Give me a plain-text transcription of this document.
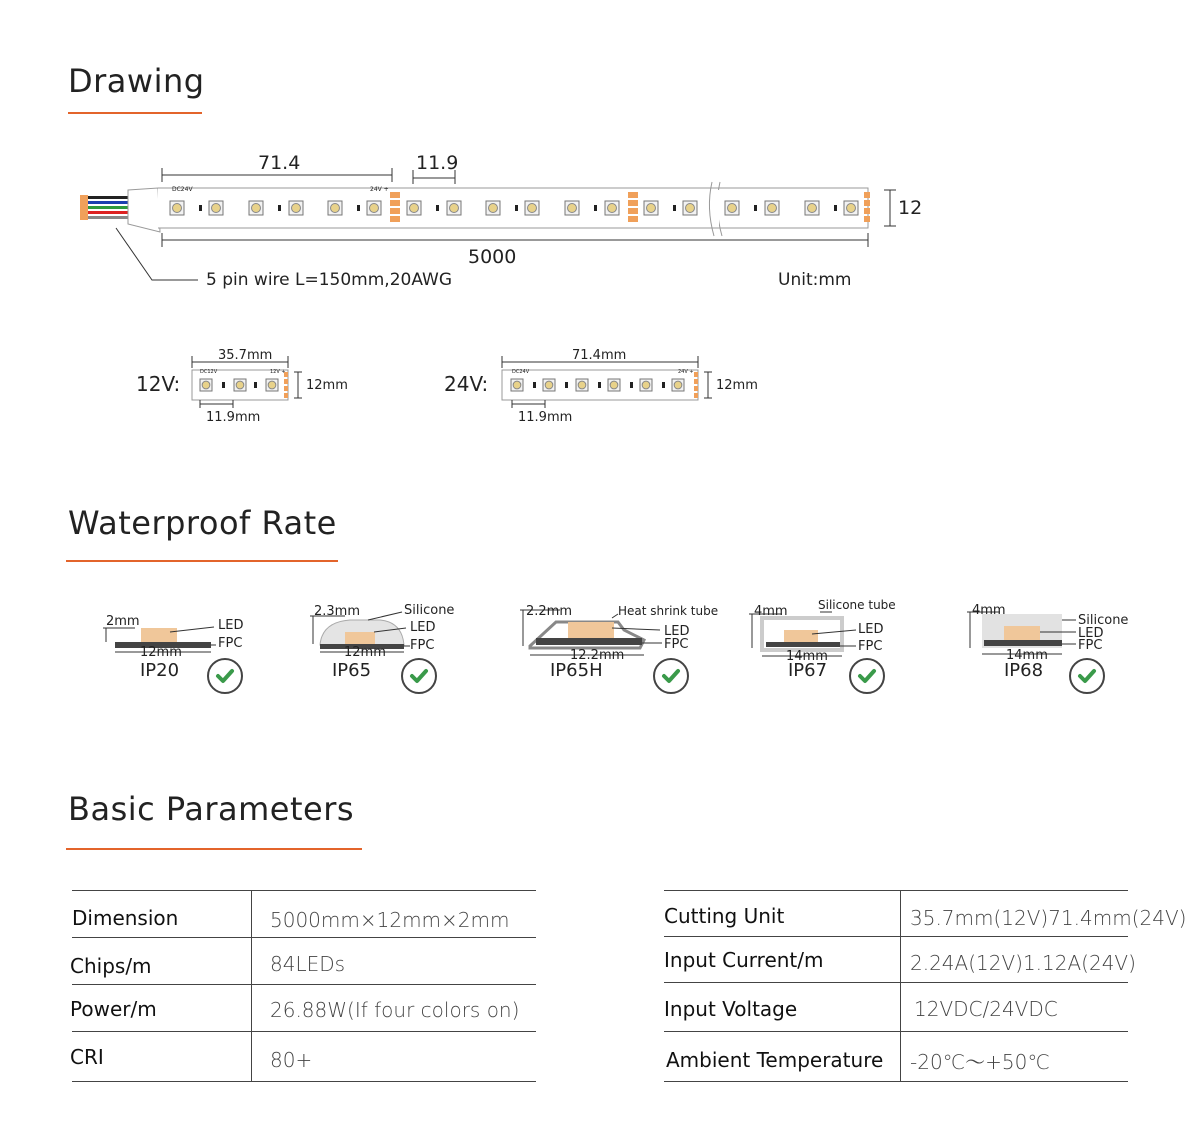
Drawing
71.4	11.9
12
5000
5 pin wire L=150mm,20AWG	Unit:mm
DC24V	24V +
12V:	24V:
35.7mm
12mm
11.9mm
71.4mm
12mm
11.9mm
DC12V	12V +	DC24V	24V +
Waterproof Rate
2mm
12mm
LED
FPC
IP20
2.3mm
12mm
Silicone
LED
FPC
IP65
2.2mm
12.2mm
Heat shrink tube
LED
FPC
IP65H
4mm
14mm
Silicone tube
LED
FPC
IP67
4mm
14mm
Silicone
LED
FPC
IP68
Basic Parameters
Dimension	5000mm×12mm×2mm
Chips/m	84LEDs
Power/m	26.88W(If four colors on)
CRI	80+
Cutting Unit	35.7mm(12V)71.4mm(24V)
Input Current/m	2.24A(12V)1.12A(24V)
Input Voltage	12VDC/24VDC
Ambient Temperature -20℃～+50℃
